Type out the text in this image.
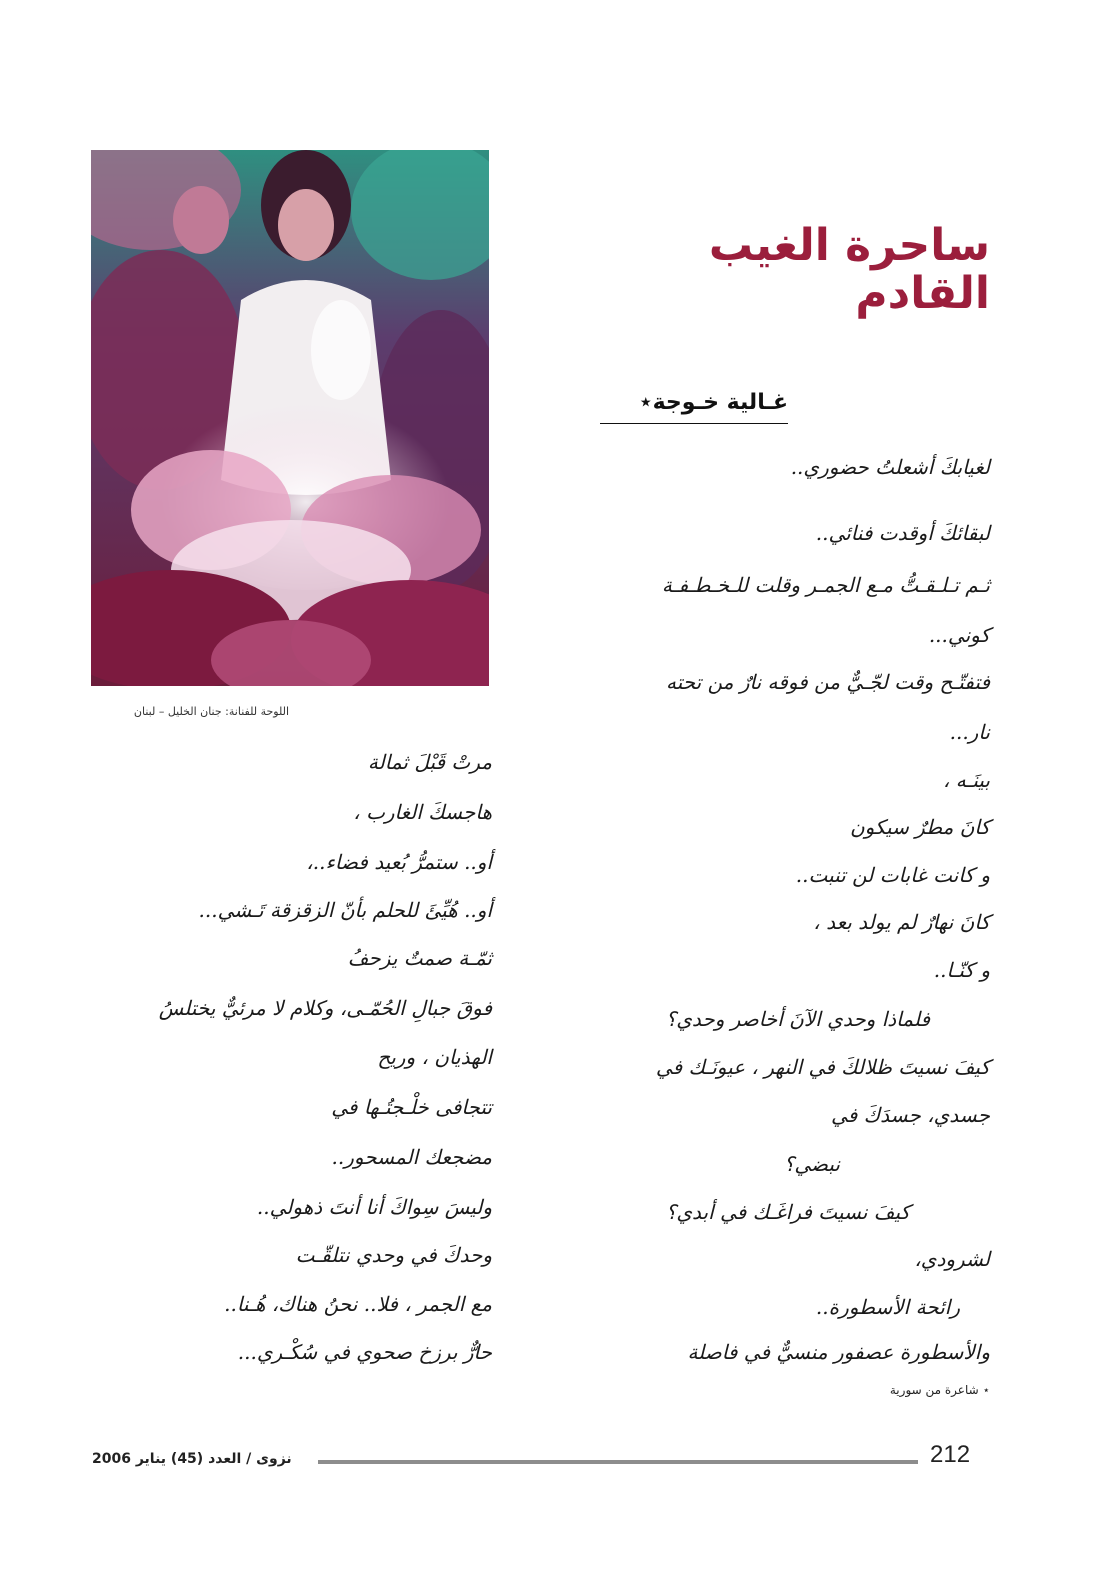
اللوحة للفنانة: جنان الخليل – لبنان
ساحرة الغيب القادم
غـالية خـوجة⋆
لغيابكَ أشعلتُ حضوري..
لبقائكَ أوقدت فنائي..
ثـم تـلـقـتُّ مـع الجمـر وقلت للـخـطـفـة
كوني...
فتفتّـح وقت لجّـيٌّ من فوقه نارٌ من تحته
نار...
بينَـه ،
كانَ مطرٌ سيكون
و كانت غابات لن تنبت..
كانَ نهارٌ لم يولد بعد ،
و كنّـا..
فلماذا وحدي الآنَ أخاصر وحدي؟
كيفَ نسيتَ ظلالكَ في النهر ، عيونَـك في
جسدي، جسدَكَ في
نبضي؟
كيفَ نسيتَ فراغَـك في أبدي؟
لشرودي،
رائحة الأسطورة..
والأسطورة عصفور منسيٌّ في فاصلة
مرتْ قَبْلَ ثمالة
هاجسكَ الغارب ،
أو.. ستمرُّ بُعيد فضاء..،
أو.. هُيِّئَ للحلم بأنّ الزقزقة تَـشي...
ثمّـة صمتٌ يزحفُ
فوقَ جبالِ الحُمّـى، وكلام لا مرئيٌّ يختلسُ
الهذيان ، وريح
تتجافى خلْـجتُـها في
مضجعك المسحور..
وليسَ سِواكَ أنا أنتَ ذهولي..
وحدكَ في وحدي نتلقّـت
مع الجمر ، فلا.. نحنُ هناك، هُـنا..
حارٌّ برزخ صحوي في سُكْـري...
⋆ شاعرة من سورية
212
نزوى / العدد (45) يناير 2006
